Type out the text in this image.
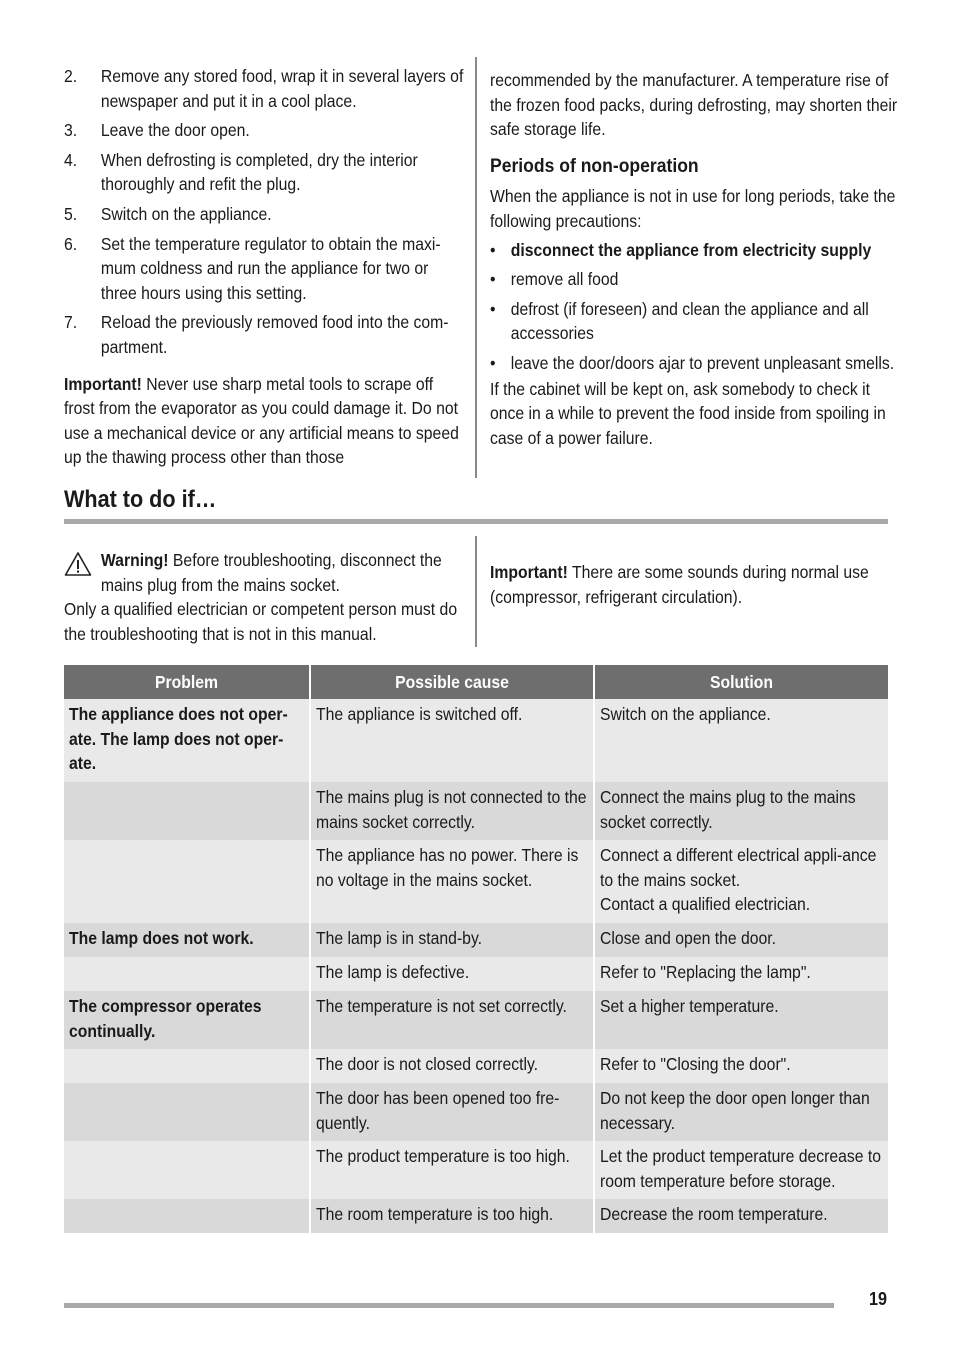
2. Remove any stored food, wrap it in several layers of newspaper and put it in a cool place.
3. Leave the door open.
4. When defrosting is completed, dry the interior thoroughly and refit the plug.
5. Switch on the appliance.
6. Set the temperature regulator to obtain the maxi-mum coldness and run the appliance for two or three hours using this setting.
7. Reload the previously removed food into the com-partment.

Important! Never use sharp metal tools to scrape off frost from the evaporator as you could damage it. Do not use a mechanical device or any artificial means to speed up the thawing process other than those

recommended by the manufacturer. A temperature rise of the frozen food packs, during defrosting, may shorten their safe storage life.

Periods of non-operation

When the appliance is not in use for long periods, take the following precautions:

• disconnect the appliance from electricity supply
• remove all food
• defrost (if foreseen) and clean the appliance and all accessories
• leave the door/doors ajar to prevent unpleasant smells.

If the cabinet will be kept on, ask somebody to check it once in a while to prevent the food inside from spoiling in case of a power failure.

What to do if…

Warning! Before troubleshooting, disconnect the mains plug from the mains socket.

Only a qualified electrician or competent person must do the troubleshooting that is not in this manual.

Important! There are some sounds during normal use (compressor, refrigerant circulation).

Problem	Possible cause	Solution

The appliance does not oper-ate. The lamp does not oper-ate.	The appliance is switched off.	Switch on the appliance.

	The mains plug is not connected to the mains socket correctly.	Connect the mains plug to the mains socket correctly.

	The appliance has no power. There is no voltage in the mains socket.	Connect a different electrical appli-ance to the mains socket.
Contact a qualified electrician.

The lamp does not work.	The lamp is in stand-by.	Close and open the door.

	The lamp is defective.	Refer to "Replacing the lamp".

The compressor operates continually.	The temperature is not set correctly.	Set a higher temperature.

	The door is not closed correctly.	Refer to "Closing the door".

	The door has been opened too fre-quently.	Do not keep the door open longer than necessary.

	The product temperature is too high.	Let the product temperature decrease to room temperature before storage.

	The room temperature is too high.	Decrease the room temperature.
19
